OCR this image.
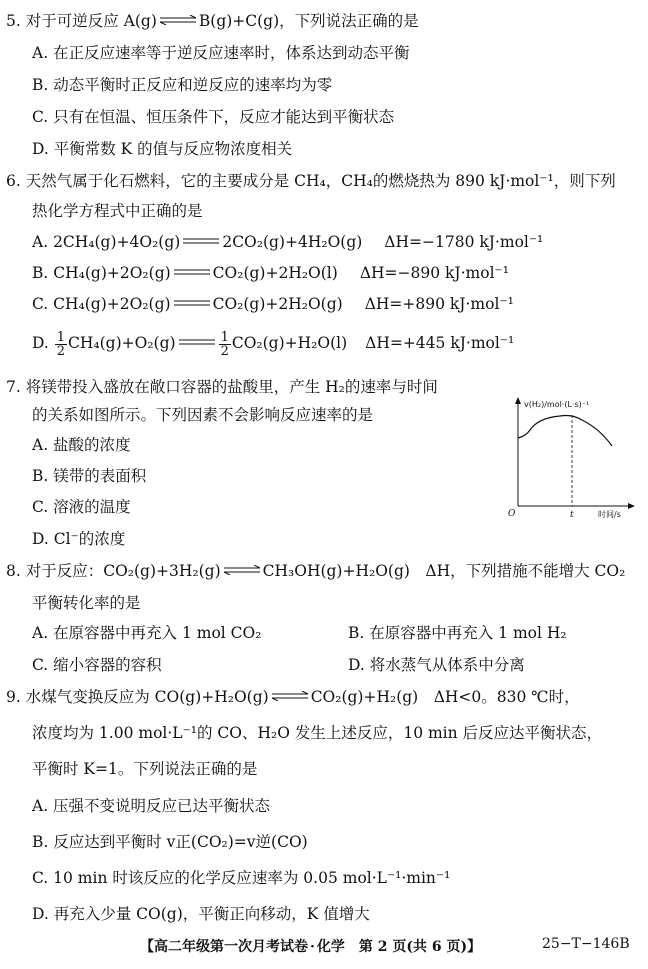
5. 对于可逆反应 A(g)⇌B(g)+C(g)，下列说法正确的是
A. 在正反应速率等于逆反应速率时，体系达到动态平衡
B. 动态平衡时正反应和逆反应的速率均为零
C. 只有在恒温、恒压条件下，反应才能达到平衡状态
D. 平衡常数 K 的值与反应物浓度相关
6. 天然气属于化石燃料，它的主要成分是 CH₄，CH₄的燃烧热为 890 kJ·mol⁻¹，则下列
热化学方程式中正确的是
A. 2CH₄(g)+4O₂(g)	2CO₂(g)+4H₂O(g) ΔH=−1780 kJ·mol⁻¹
B. CH₄(g)+2O₂(g)	CO₂(g)+2H₂O(l) ΔH=−890 kJ·mol⁻¹
C. CH₄(g)+2O₂(g)	CO₂(g)+2H₂O(g) ΔH=+890 kJ·mol⁻¹
D. $\frac{1}{2} CH_4(g)+O_2(g)$	$\frac{1}{2} CO_2(g)+H_2O(l)$ ΔH=+445 kJ·mol⁻¹
7. 将镁带投入盛放在敞口容器的盐酸里，产生 H₂的速率与时间
的关系如图所示。下列因素不会影响反应速率的是
A. 盐酸的浓度
B. 镁带的表面积
C. 溶液的温度
D. Cl⁻的浓度
v(H₂)/mol·(L·s)⁻¹
时间/s
O	t
8. 对于反应：CO₂(g)+3H₂(g)⇌CH₃OH(g)+H₂O(g)　ΔH，下列措施不能增大 CO₂
平衡转化率的是
A. 在原容器中再充入 1 mol CO₂	B. 在原容器中再充入 1 mol H₂
C. 缩小容器的容积	D. 将水蒸气从体系中分离
9. 水煤气变换反应为 CO(g)+H₂O(g)⇌CO₂(g)+H₂(g)　ΔH<0。830 ℃时，
浓度均为 1.00 mol·L⁻¹的 CO、H₂O 发生上述反应，10 min 后反应达平衡状态，
平衡时 K=1。下列说法正确的是
A. 压强不变说明反应已达平衡状态
B. 反应达到平衡时 v正(CO₂)=v逆(CO)
C. 10 min 时该反应的化学反应速率为 0.05 mol·L⁻¹·min⁻¹
D. 再充入少量 CO(g)，平衡正向移动，K 值增大
【高二年级第一次月考试卷 · 化学　 第 2 页(共 6 页)】	25−T−146B
